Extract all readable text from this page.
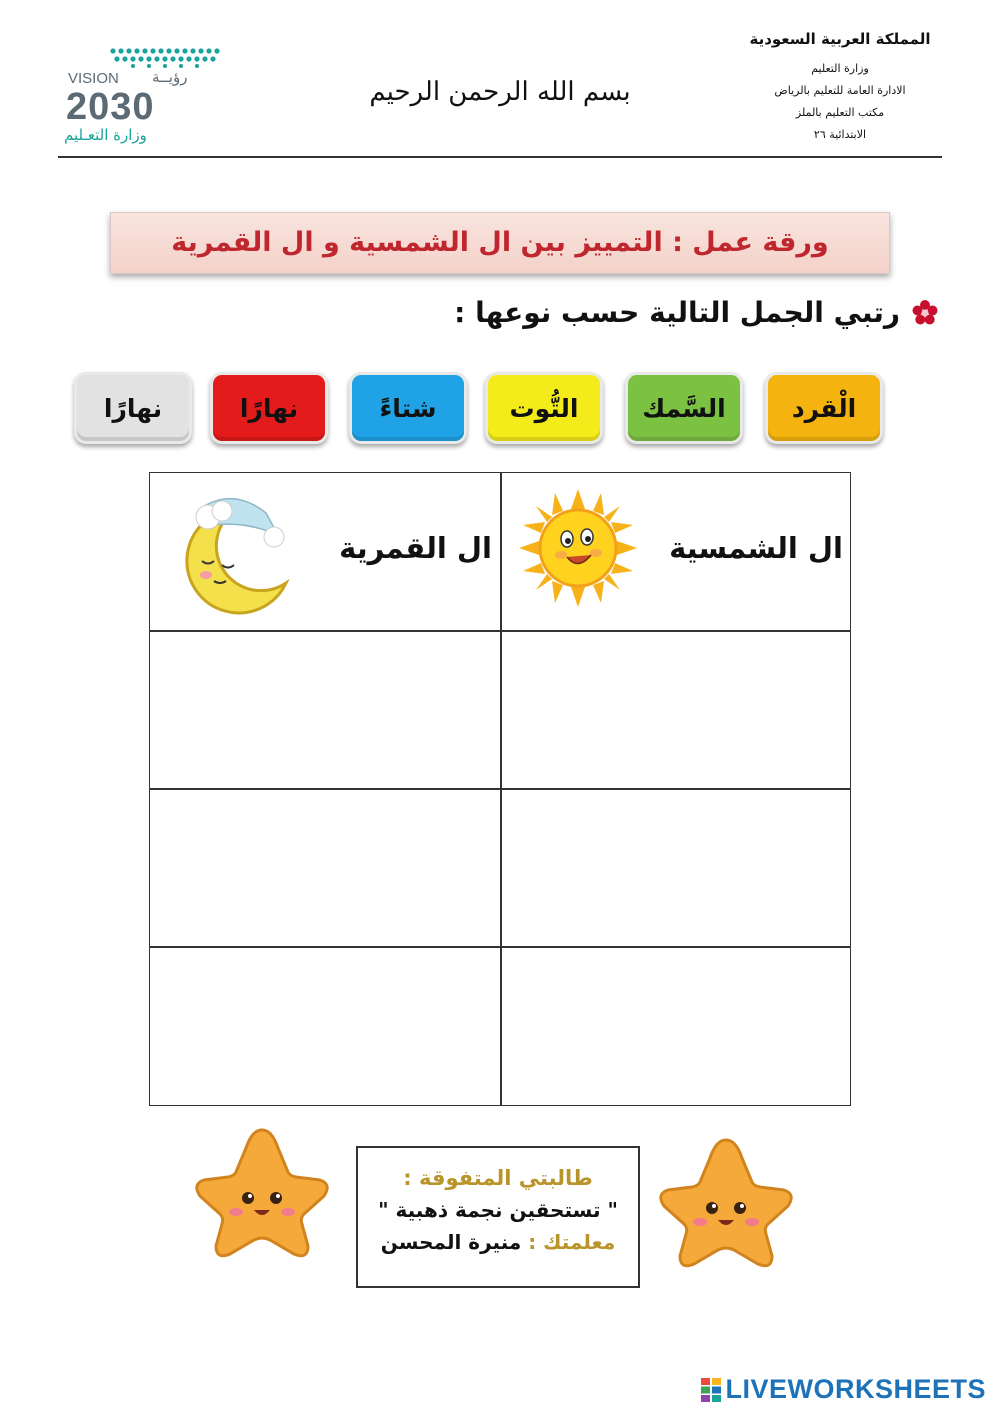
المملكة العربية السعودية
وزارة التعليم
الادارة العامة للتعليم بالرياض
مكتب التعليم بالملز
الابتدائية ٢٦
بسم الله الرحمن الرحيم
VISION رؤيــة
2030
وزارة التعـليم
ورقة عمل : التمييز بين ال الشمسية و ال القمرية
رتبي الجمل التالية حسب نوعها :
الْقرد
السَّمك
التُّوت
شتاءً
نهارًا
نهارًا
ال الشمسية
ال القمرية
طالبتي المتفوقة :
" تستحقين نجمة ذهبية "
معلمتك : منيرة المحسن
LIVEWORKSHEETS
